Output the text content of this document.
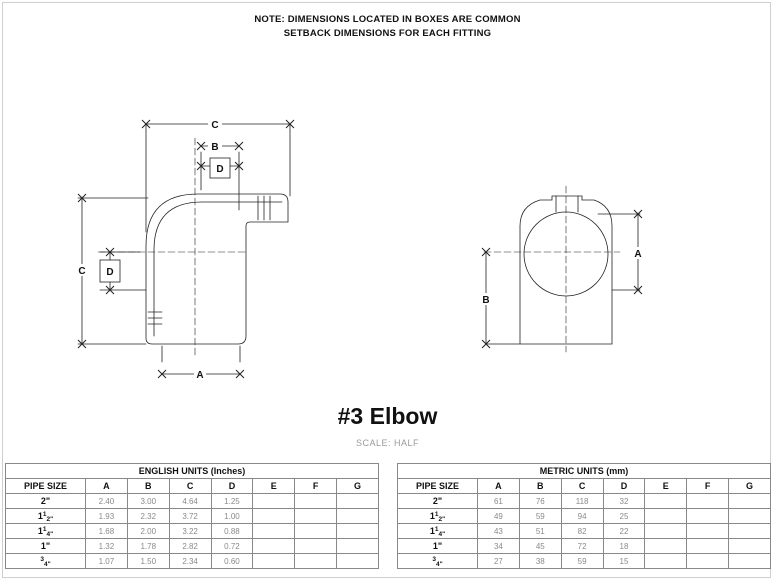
NOTE: DIMENSIONS LOCATED IN BOXES ARE COMMON
SETBACK DIMENSIONS FOR EACH FITTING
C
B
D
C D
A
A
B
#3 Elbow
SCALE: HALF
ENGLISH UNITS (Inches)							
PIPE SIZE	A	B	C	D	E	F	G
2"	2.40	3.00	4.64	1.25			
$1^1_{2"}$	1.93	2.32	3.72	1.00			
$1^1_{4"}$	1.68	2.00	3.22	0.88			
1"	1.32	1.78	2.82	0.72			
$^3_{4"}$	1.07	1.50	2.34	0.60			
METRIC UNITS (mm)							
PIPE SIZE	A	B	C	D	E	F	G
2"	61	76	118	32			
$1^1_{2"}$	49	59	94	25			
$1^1_{4"}$	43	51	82	22			
1"	34	45	72	18			
$^3_{4"}$	27	38	59	15			
